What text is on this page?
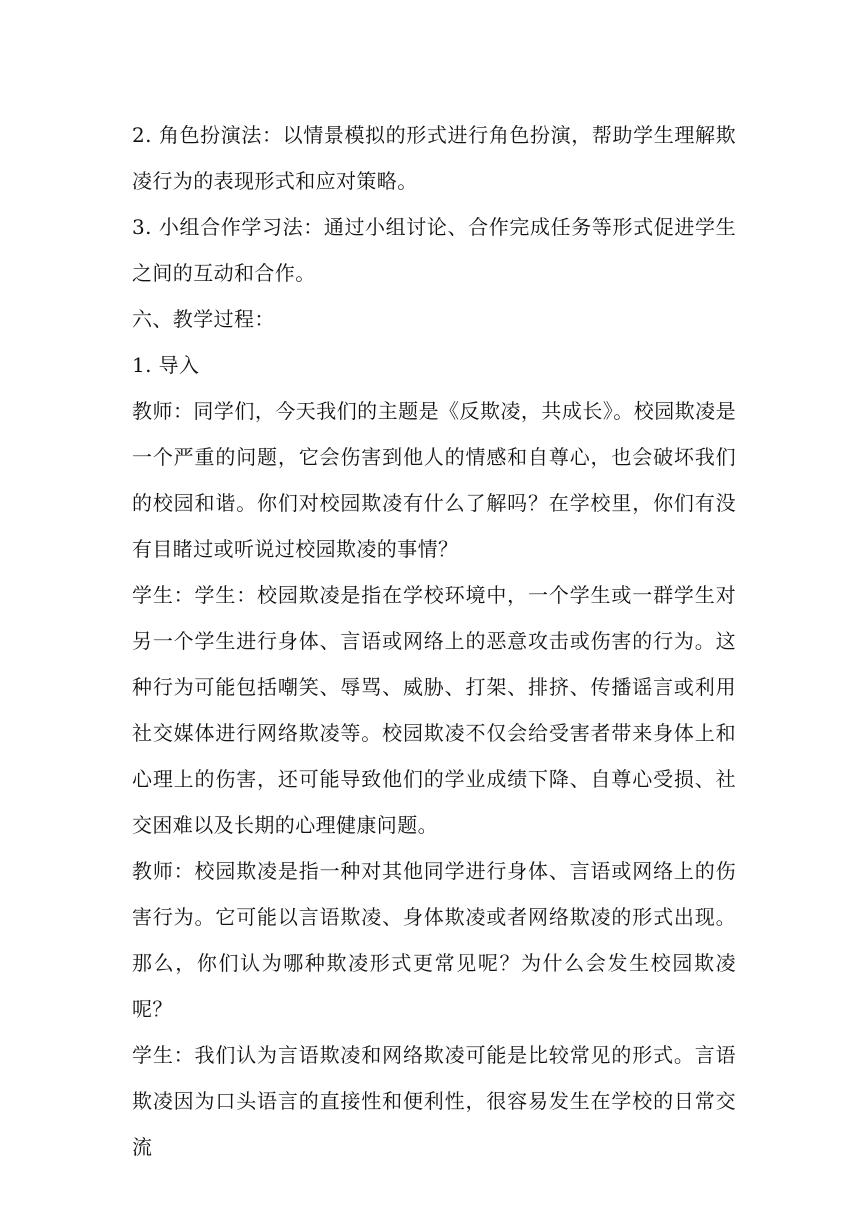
2. 角色扮演法：以情景模拟的形式进行角色扮演，帮助学生理解欺凌行为的表现形式和应对策略。

3. 小组合作学习法：通过小组讨论、合作完成任务等形式促进学生之间的互动和合作。

六、教学过程：

1. 导入

教师：同学们，今天我们的主题是《反欺凌，共成长》。校园欺凌是一个严重的问题，它会伤害到他人的情感和自尊心，也会破坏我们的校园和谐。你们对校园欺凌有什么了解吗？在学校里，你们有没有目睹过或听说过校园欺凌的事情？

学生：学生：校园欺凌是指在学校环境中，一个学生或一群学生对另一个学生进行身体、言语或网络上的恶意攻击或伤害的行为。这种行为可能包括嘲笑、辱骂、威胁、打架、排挤、传播谣言或利用社交媒体进行网络欺凌等。校园欺凌不仅会给受害者带来身体上和心理上的伤害，还可能导致他们的学业成绩下降、自尊心受损、社交困难以及长期的心理健康问题。

教师：校园欺凌是指一种对其他同学进行身体、言语或网络上的伤害行为。它可能以言语欺凌、身体欺凌或者网络欺凌的形式出现。那么，你们认为哪种欺凌形式更常见呢？为什么会发生校园欺凌呢？

学生：我们认为言语欺凌和网络欺凌可能是比较常见的形式。言语欺凌因为口头语言的直接性和便利性，很容易发生在学校的日常交流
